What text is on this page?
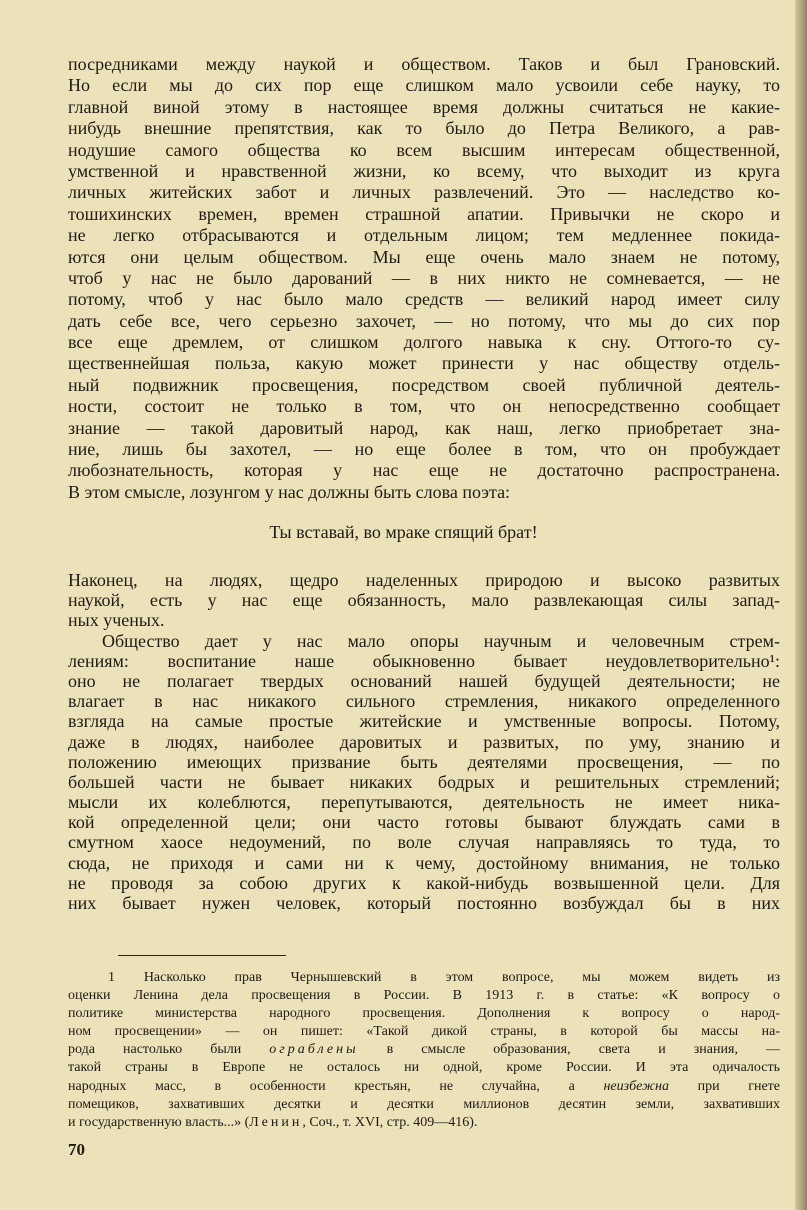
посредниками между наукой и обществом. Таков и был Грановский.
Но если мы до сих пор еще слишком мало усвоили себе науку, то
главной виной этому в настоящее время должны считаться не какие-
нибудь внешние препятствия, как то было до Петра Великого, а рав-
нодушие самого общества ко всем высшим интересам общественной,
умственной и нравственной жизни, ко всему, что выходит из круга
личных житейских забот и личных развлечений. Это — наследство ко-
тошихинских времен, времен страшной апатии. Привычки не скоро и
не легко отбрасываются и отдельным лицом; тем медленнее покида-
ются они целым обществом. Мы еще очень мало знаем не потому,
чтоб у нас не было дарований — в них никто не сомневается, — не
потому, чтоб у нас было мало средств — великий народ имеет силу
дать себе все, чего серьезно захочет, — но потому, что мы до сих пор
все еще дремлем, от слишком долгого навыка к сну. Оттого-то су-
щественнейшая польза, какую может принести у нас обществу отдель-
ный подвижник просвещения, посредством своей публичной деятель-
ности, состоит не только в том, что он непосредственно сообщает
знание — такой даровитый народ, как наш, легко приобретает зна-
ние, лишь бы захотел, — но еще более в том, что он пробуждает
любознательность, которая у нас еще не достаточно распространена.
В этом смысле, лозунгом у нас должны быть слова поэта:
Ты вставай, во мраке спящий брат!
Наконец, на людях, щедро наделенных природою и высоко развитых
наукой, есть у нас еще обязанность, мало развлекающая силы запад-
ных ученых.
Общество дает у нас мало опоры научным и человечным стрем-
лениям: воспитание наше обыкновенно бывает неудовлетворительно¹:
оно не полагает твердых оснований нашей будущей деятельности; не
влагает в нас никакого сильного стремления, никакого определенного
взгляда на самые простые житейские и умственные вопросы. Потому,
даже в людях, наиболее даровитых и развитых, по уму, знанию и
положению имеющих призвание быть деятелями просвещения, — по
большей части не бывает никаких бодрых и решительных стремлений;
мысли их колеблются, перепутываются, деятельность не имеет ника-
кой определенной цели; они часто готовы бывают блуждать сами в
смутном хаосе недоумений, по воле случая направляясь то туда, то
сюда, не приходя и сами ни к чему, достойному внимания, не только
не проводя за собою других к какой-нибудь возвышенной цели. Для
них бывает нужен человек, который постоянно возбуждал бы в них
1 Насколько прав Чернышевский в этом вопросе, мы можем видеть из
оценки Ленина дела просвещения в России. В 1913 г. в статье: «К вопросу о
политике министерства народного просвещения. Дополнения к вопросу о народ-
ном просвещении» — он пишет: «Такой дикой страны, в которой бы массы на-
рода настолько были ограблены в смысле образования, света и знания, —
такой страны в Европе не осталось ни одной, кроме России. И эта одичалость
народных масс, в особенности крестьян, не случайна, а неизбежна при гнете
помещиков, захвативших десятки и десятки миллионов десятин земли, захвативших
и государственную власть...» (Ленин, Соч., т. XVI, стр. 409—416).
70
